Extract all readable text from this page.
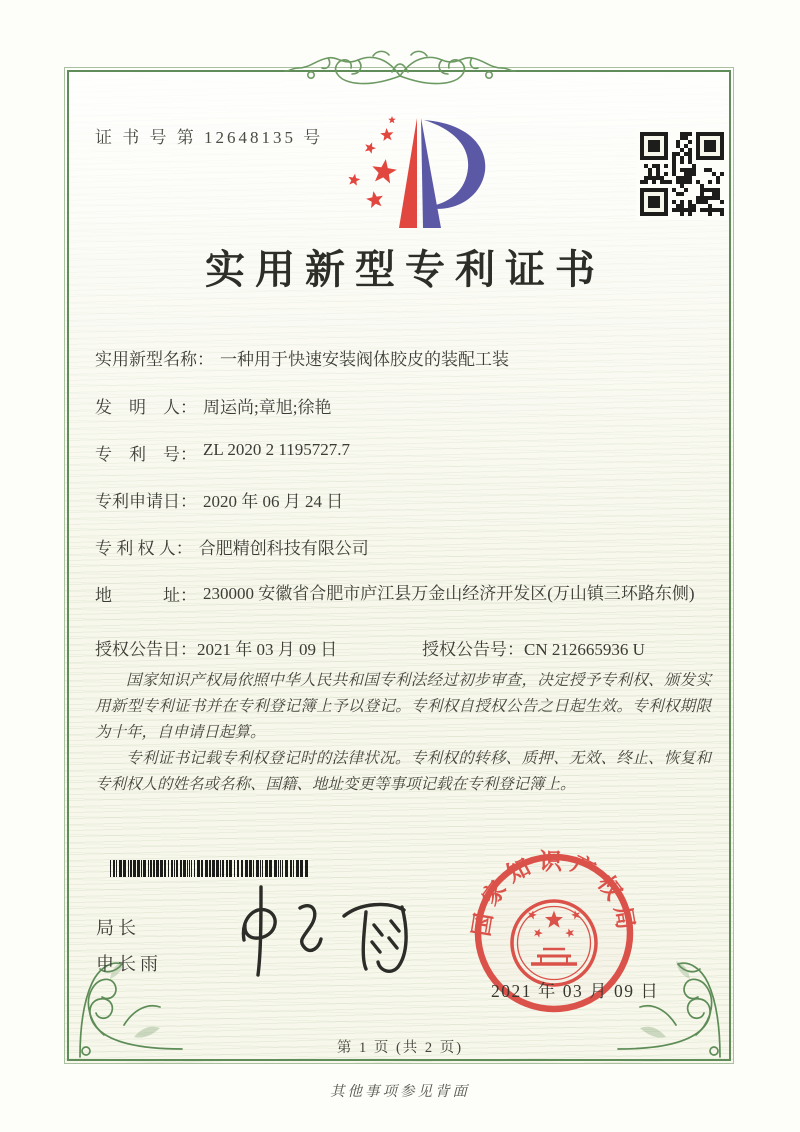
证 书 号 第 12648135 号
实用新型专利证书
实用新型名称： 一种用于快速安装阀体胶皮的装配工装
发　明　人： 周运尚;章旭;徐艳
专　利　号： ZL 2020 2 1195727.7
专利申请日： 2020 年 06 月 24 日
专 利 权 人： 合肥精创科技有限公司
地　　　址： 230000 安徽省合肥市庐江县万金山经济开发区(万山镇三环路东侧)
授权公告日：2021 年 03 月 09 日	授权公告号：CN 212665936 U

国家知识产权局依照中华人民共和国专利法经过初步审查，决定授予专利权、颁发实用新型专利证书并在专利登记簿上予以登记。专利权自授权公告之日起生效。专利权期限为十年，自申请日起算。

专利证书记载专利权登记时的法律状况。专利权的转移、质押、无效、终止、恢复和专利权人的姓名或名称、国籍、地址变更等事项记载在专利登记簿上。

局长
申长雨
国家知识产权局
2021 年 03 月 09 日
第 1 页 (共 2 页)
其他事项参见背面
